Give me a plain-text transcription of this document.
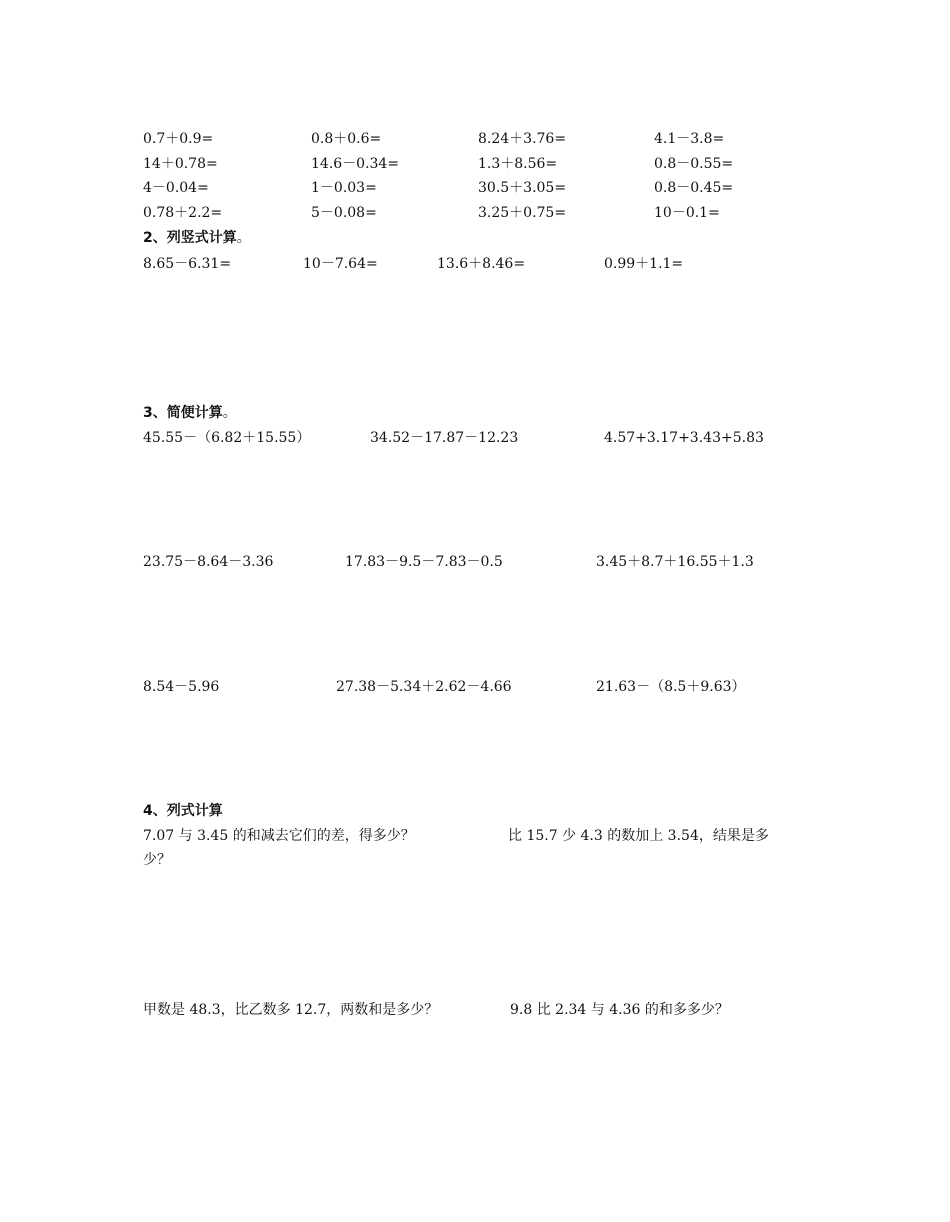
0.7＋0.9=	0.8＋0.6=	8.24＋3.76=	4.1－3.8=
14＋0.78=	14.6－0.34=	1.3＋8.56=	0.8－0.55=
4－0.04=	1－0.03=	30.5＋3.05=	0.8－0.45=
0.78＋2.2=	5－0.08=	3.25＋0.75=	10－0.1=
2、列竖式计算。
8.65－6.31=	10－7.64=	13.6＋8.46=	0.99＋1.1=
3、简便计算。
45.55－（6.82＋15.55）	34.52－17.87－12.23	4.57+3.17+3.43+5.83
23.75－8.64－3.36	17.83－9.5－7.83－0.5	3.45＋8.7＋16.55＋1.3
8.54－5.96	27.38－5.34＋2.62－4.66	21.63－（8.5＋9.63）
4、列式计算
7.07 与 3.45 的和减去它们的差，得多少？	比 15.7 少 4.3 的数加上 3.54，结果是多
少？
甲数是 48.3，比乙数多 12.7，两数和是多少？	9.8 比 2.34 与 4.36 的和多多少？
